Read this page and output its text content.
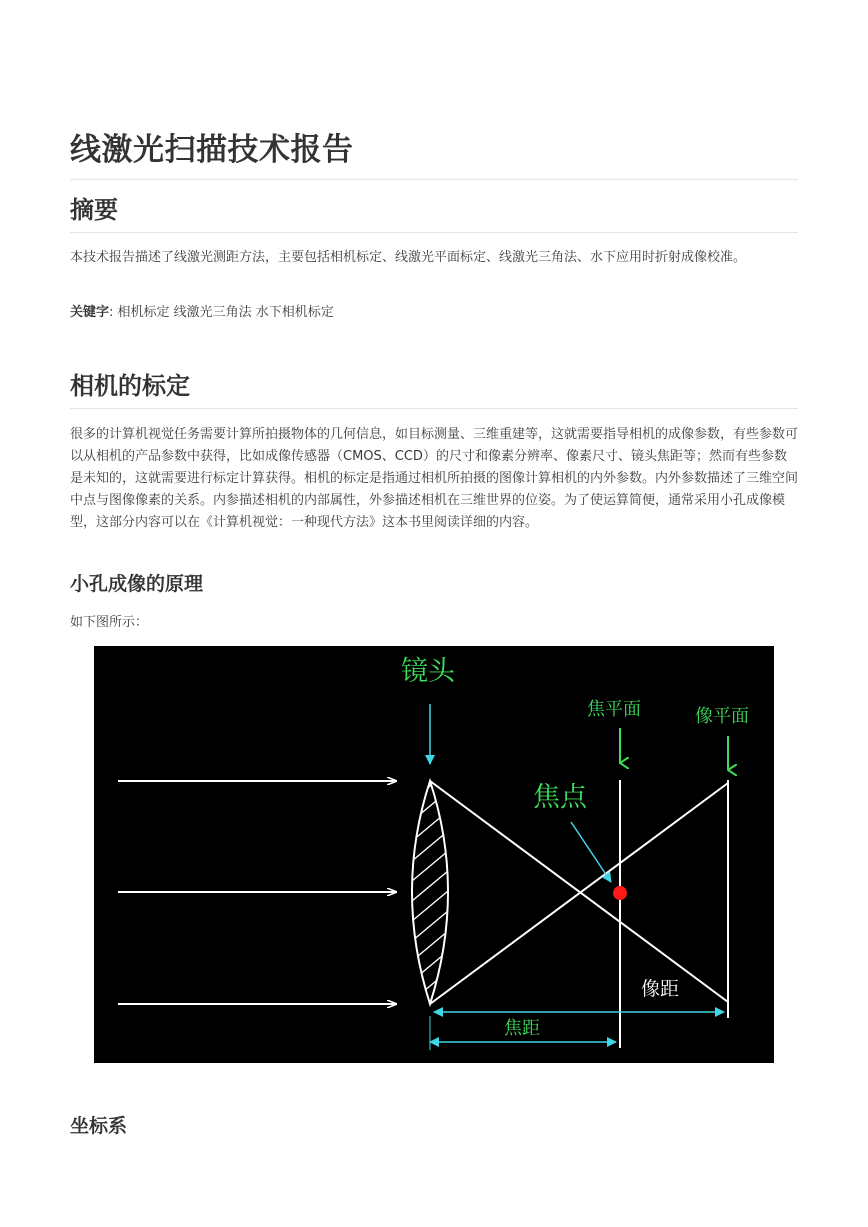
线激光扫描技术报告
摘要

本技术报告描述了线激光测距方法，主要包括相机标定、线激光平面标定、线激光三角法、水下应用时折射成像校准。

关键字: 相机标定 线激光三角法 水下相机标定

相机的标定

很多的计算机视觉任务需要计算所拍摄物体的几何信息，如目标测量、三维重建等，这就需要指导相机的成像参数，有些参数可以从相机的产品参数中获得，比如成像传感器（CMOS、CCD）的尺寸和像素分辨率、像素尺寸、镜头焦距等；然而有些参数是未知的，这就需要进行标定计算获得。相机的标定是指通过相机所拍摄的图像计算相机的内外参数。内外参数描述了三维空间中点与图像像素的关系。内参描述相机的内部属性，外参描述相机在三维世界的位姿。为了使运算简便，通常采用小孔成像模型，这部分内容可以在《计算机视觉：一种现代方法》这本书里阅读详细的内容。

小孔成像的原理

如下图所示：

镜头
焦平面	像平面
焦点
像距
焦距
坐标系
